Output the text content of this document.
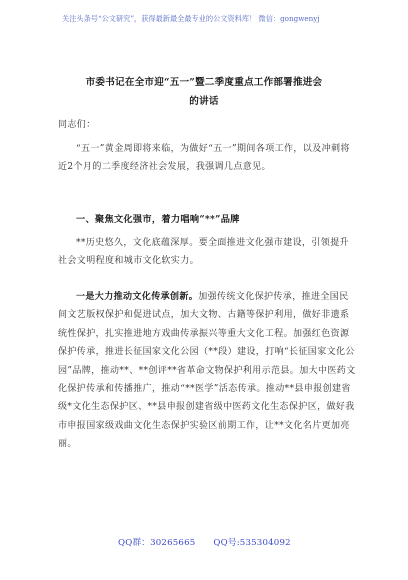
关注头条号“公文研究”，获得最新最全最专业的公文资料库！ 微信：gongwenyj
市委书记在全市迎“五一”暨二季度重点工作部署推进会
的讲话
同志们：
“五一”黄金周即将来临，为做好“五一”期间各项工作，以及冲刺将近2个月的二季度经济社会发展，我强调几点意见。
一、聚焦文化强市，着力唱响“**”品牌
**历史悠久，文化底蕴深厚。要全面推进文化强市建设，引领提升社会文明程度和城市文化软实力。
一是大力推动文化传承创新。加强传统文化保护传承，推进全国民间文艺版权保护和促进试点，加大文物、古籍等保护利用，做好非遗系统性保护，扎实推进地方戏曲传承振兴等重大文化工程。加强红色资源保护传承，推进长征国家文化公园（**段）建设，打响“长征国家文化公园”品牌，推动**、**创评**省革命文物保护利用示范县。加大中医药文化保护传承和传播推广，推动“**医学”活态传承。推动**县申报创建省级*文化生态保护区、**县申报创建省级中医药文化生态保护区，做好我市申报国家级戏曲文化生态保护实验区前期工作，让**文化名片更加亮丽。
QQ群：30265665 QQ号:535304092
